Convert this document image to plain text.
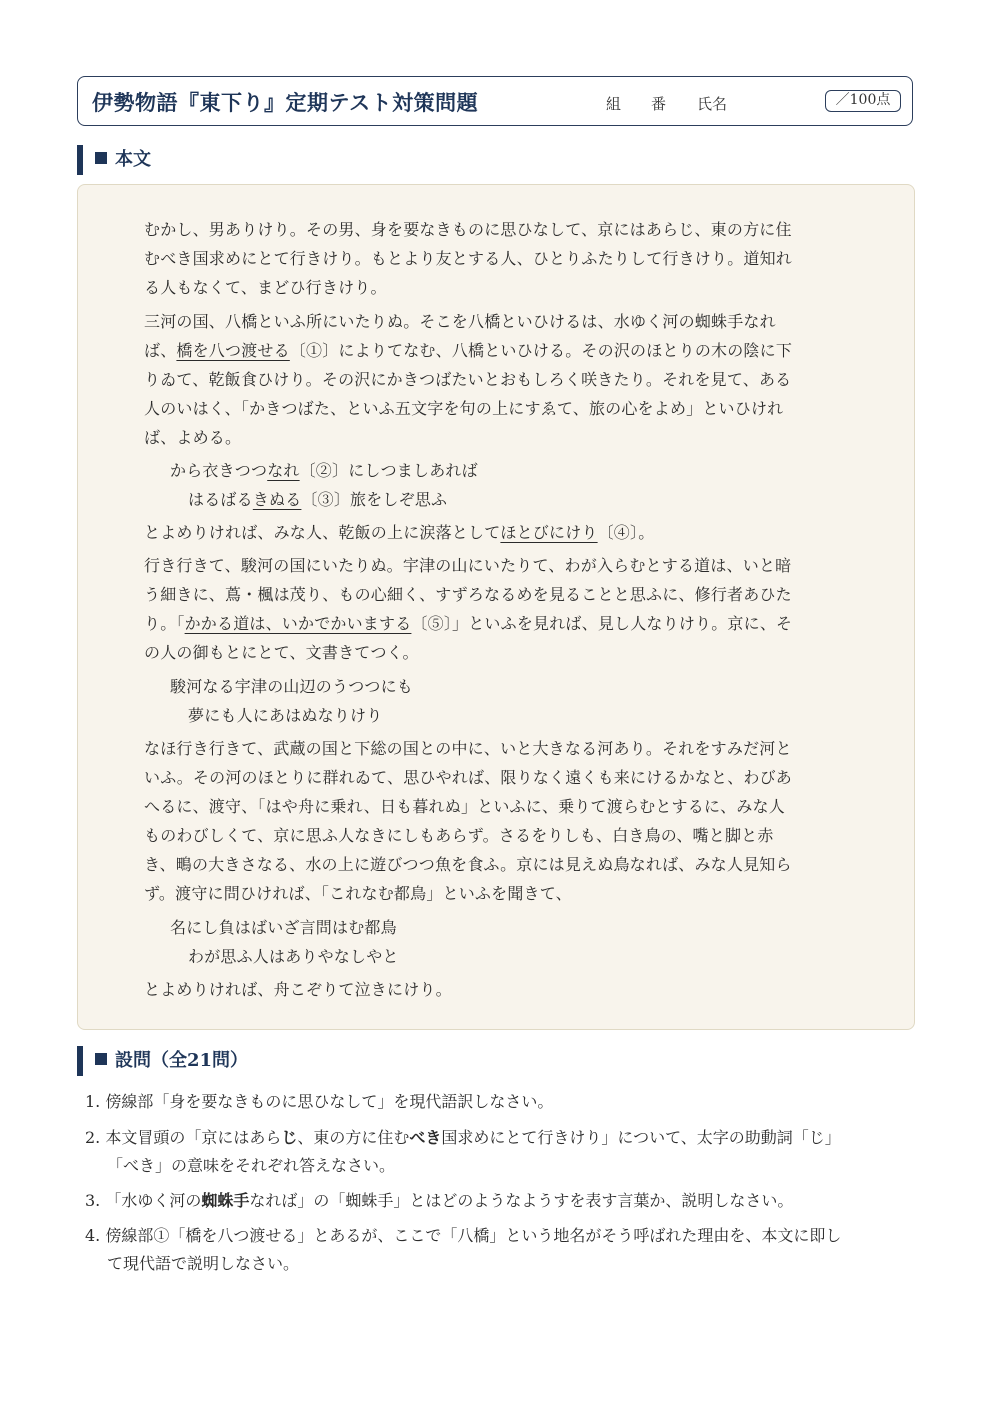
伊勢物語『東下り』定期テスト対策問題	組 番 氏名	／100点
本文
むかし、男ありけり。その男、身を要なきものに思ひなして、京にはあらじ、東の方に住
むべき国求めにとて行きけり。もとより友とする人、ひとりふたりして行きけり。道知れ
る人もなくて、まどひ行きけり。
三河の国、八橋といふ所にいたりぬ。そこを八橋といひけるは、水ゆく河の蜘蛛手なれ
ば、橋を八つ渡せる〔①〕によりてなむ、八橋といひける。その沢のほとりの木の陰に下
りゐて、乾飯食ひけり。その沢にかきつばたいとおもしろく咲きたり。それを見て、ある
人のいはく、「かきつばた、といふ五文字を句の上にすゑて、旅の心をよめ」といひけれ
ば、よめる。
から衣きつつなれ〔②〕にしつましあれば
はるばるきぬる〔③〕旅をしぞ思ふ
とよめりければ、みな人、乾飯の上に涙落としてほとびにけり〔④〕。
行き行きて、駿河の国にいたりぬ。宇津の山にいたりて、わが入らむとする道は、いと暗
う細きに、蔦・楓は茂り、もの心細く、すずろなるめを見ることと思ふに、修行者あひた
り。「かかる道は、いかでかいまする〔⑤〕」といふを見れば、見し人なりけり。京に、そ
の人の御もとにとて、文書きてつく。
駿河なる宇津の山辺のうつつにも
夢にも人にあはぬなりけり
なほ行き行きて、武蔵の国と下総の国との中に、いと大きなる河あり。それをすみだ河と
いふ。その河のほとりに群れゐて、思ひやれば、限りなく遠くも来にけるかなと、わびあ
へるに、渡守、「はや舟に乗れ、日も暮れぬ」といふに、乗りて渡らむとするに、みな人
ものわびしくて、京に思ふ人なきにしもあらず。さるをりしも、白き鳥の、嘴と脚と赤
き、鴫の大きさなる、水の上に遊びつつ魚を食ふ。京には見えぬ鳥なれば、みな人見知ら
ず。渡守に問ひければ、「これなむ都鳥」といふを聞きて、
名にし負はばいざ言問はむ都鳥
わが思ふ人はありやなしやと
とよめりければ、舟こぞりて泣きにけり。
設問（全21問）
1. 傍線部「身を要なきものに思ひなして」を現代語訳しなさい。
2. 本文冒頭の「京にはあらじ、東の方に住むべき国求めにとて行きけり」について、太字の助動詞「じ」
「べき」の意味をそれぞれ答えなさい。
3. 「水ゆく河の蜘蛛手なれば」の「蜘蛛手」とはどのようなようすを表す言葉か、説明しなさい。
4. 傍線部①「橋を八つ渡せる」とあるが、ここで「八橋」という地名がそう呼ばれた理由を、本文に即し
て現代語で説明しなさい。
